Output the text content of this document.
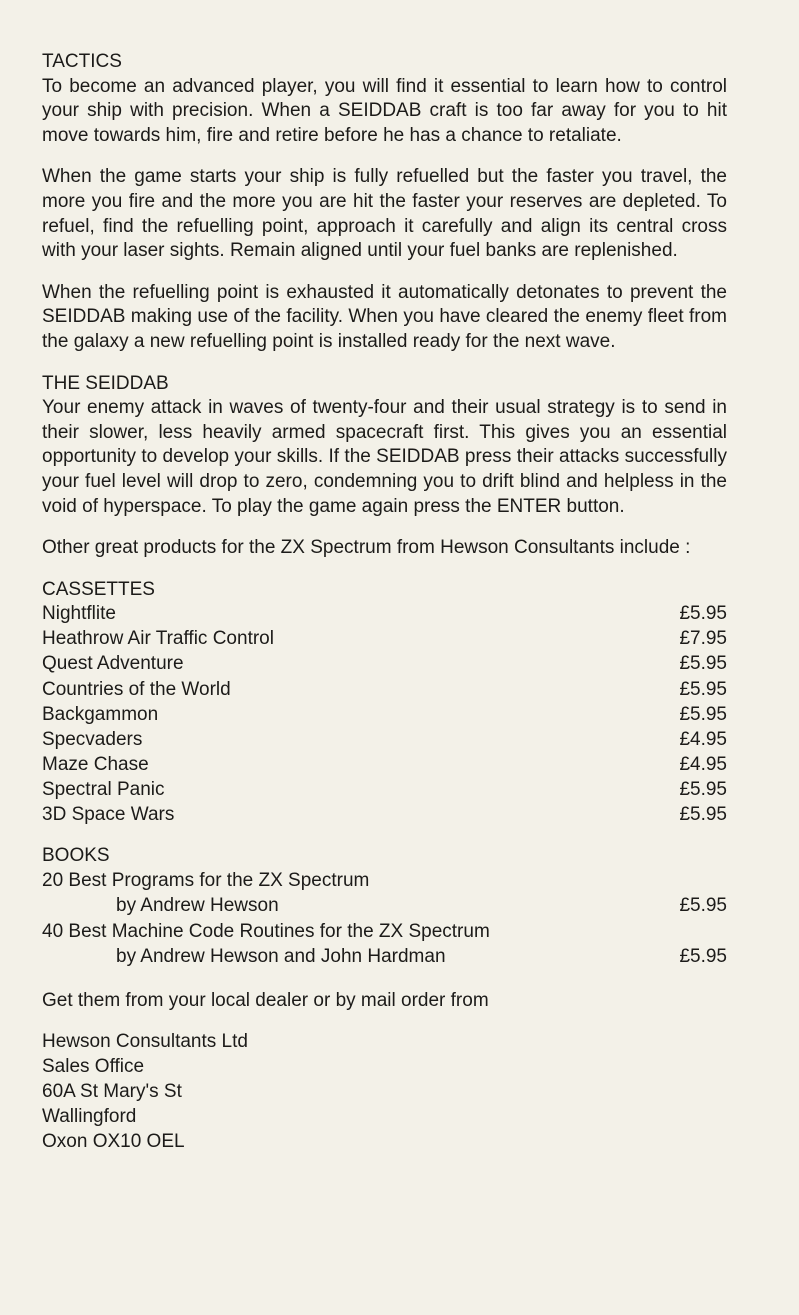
TACTICS

To become an advanced player, you will find it essential to learn how to control your ship with precision. When a SEIDDAB craft is too far away for you to hit move towards him, fire and retire before he has a chance to retaliate.

When the game starts your ship is fully refuelled but the faster you travel, the more you fire and the more you are hit the faster your reserves are depleted. To refuel, find the refuelling point, approach it carefully and align its central cross with your laser sights. Remain aligned until your fuel banks are replenished.

When the refuelling point is exhausted it automatically detonates to prevent the SEIDDAB making use of the facility. When you have cleared the enemy fleet from the galaxy a new refuelling point is installed ready for the next wave.

THE SEIDDAB

Your enemy attack in waves of twenty-four and their usual strategy is to send in their slower, less heavily armed spacecraft first. This gives you an essential opportunity to develop your skills. If the SEIDDAB press their attacks successfully your fuel level will drop to zero, condemning you to drift blind and helpless in the void of hyperspace. To play the game again press the ENTER button.

Other great products for the ZX Spectrum from Hewson Consultants include :

CASSETTES
Nightflite	£5.95
Heathrow Air Traffic Control	£7.95
Quest Adventure	£5.95
Countries of the World	£5.95
Backgammon	£5.95
Specvaders	£4.95
Maze Chase	£4.95
Spectral Panic	£5.95
3D Space Wars	£5.95
BOOKS
20 Best Programs for the ZX Spectrum
by Andrew Hewson	£5.95
40 Best Machine Code Routines for the ZX Spectrum
by Andrew Hewson and John Hardman	£5.95

Get them from your local dealer or by mail order from

Hewson Consultants Ltd
Sales Office
60A St Mary's St
Wallingford
Oxon OX10 OEL
